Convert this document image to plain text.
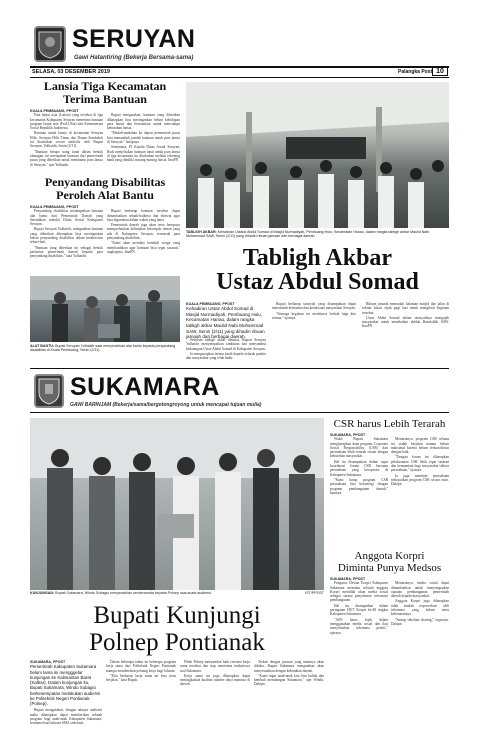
SERUYAN
Gawi Hatantiring (Bekerja Bersama-sama)
SELASA, 03 DESEMBER 2019	Palangka Post 10
Lansia Tiga Kecamatan
Terima Bantuan
KUALA PEMBUANG, PPOST

Para lanjut usia (Lansia) yang tersebar di tiga kecamatan Kabupaten Seruyan menerima bantuan program lanjut usia (ProLUSia) dari Kementerian Sosial Republik Indonesia.

Bantuan untuk lansia di kecamatan Seruyan Hilir, Seruyan Hilir Timur dan Danau Sembuluh ini disalurkan secara simbolis oleh Bupati Seruyan, Yulhaidir, Senin (2/11).

"Bantuan berupa uang tunai dalam bentuk tabungan, ini merupakan bantuan dari pemerintah pusat yang diberikan untuk membantu para lansia di Seruyan," ujar Yulhaidir.

Bupati mengatakan, bantuan yang diberikan diharapkan bisa meringankan beban kehidupan para lansia dan bermanfaat untuk mencukupi kebutuhan lansia.

"Mudah-mudahan ke depan pemerintah pusat bisa menambah jumlah bantuan untuk para lansia di Seruyan," harapnya.

Sementara, PJ Kepala Dinas Sosial Seruyan, Rudi menjelaskan bantuan tunai untuk para lansia di tiga kecamatan itu disalurkan melalui rekening bank yang dimiliki masing-masing lansia. ImaPN

Penyandang Disabilitas
Peroleh Alat Bantu
KUALA PEMBUANG, PPOST

Penyandang disabilitas mendapatkan bantuan alat bantu dari Pemerintah Daerah yang diserahkan melalui Dinas Sosial Kabupaten Seruyan.

Bupati Seruyan Yulhaidir, mengatakan bantuan yang diberikan diharapkan bisa meringankan beban penyandang disabilitas dalam beraktivitas sehari-hari.

"Bantuan yang diberikan ini sebagai bentuk perhatian pemerintah daerah kepada para penyandang disabilitas," kata Yulhaidir.

Bupati berharap bantuan tersebut dapat dimanfaatkan sebaik-baiknya dan dirawat agar bisa digunakan dalam waktu yang lama.

Pemerintah daerah juga akan terus berupaya memperhatikan kebutuhan kelompok rentan yang ada di Kabupaten Seruyan, termasuk para penyandang disabilitas.

"Kami akan mendata kembali warga yang membutuhkan agar bantuan bisa tepat sasaran," ungkapnya. ImaPN

ALAT BANTU: Bupati Seruyan Yulhaidir saat menyerahkan alat bantu kepada penyandang disabilitas di Kuala Pembuang, Senin (2/11).
TABLIGH AKBAR: Kehadiran Ustadz Abdul Somad di Masjid Nurmadiyah, Pembuang Hulu, Kecamatan Hanau, dalam rangka tabligh akbar Maulid Nabi Muhammad SAW, Senin (2/11) yang dihadiri ribuan jamaah dari berbagai daerah.
Tabligh Akbar
Ustaz Abdul Somad
KUALA PEMBUANG, PPOST
Kehadiran Ustaz Abdul Somad di Masjid Nurmadiyah, Pembuang Hulu, Kecamatan Hanau, dalam rangka tabligh akbar Maulid Nabi Muhammad SAW, Senin (2/11) yang dihadiri ribuan jamaah dari berbagai daerah.

Sebelum tabligh akbar dimulai, Bupati Seruyan Yulhaidir menyampaikan sambutan dan menyambut kedatangan Ustaz Abdul Somad di Kabupaten Seruyan.

Ia mengucapkan terima kasih kepada seluruh panitia dan masyarakat yang telah hadir.

Bupati berharap tausiyah yang disampaikan dapat menambah keimanan dan ketakwaan masyarakat Seruyan.

"Semoga kegiatan ini membawa berkah bagi kita semua," ujarnya.

Ribuan jamaah memadati halaman masjid dan jalan di sekitar lokasi sejak pagi hari untuk mengikuti kegiatan tersebut.

Ustaz Abdul Somad dalam tausiyahnya mengajak masyarakat untuk meneladani akhlak Rasulullah SAW. ImaPN

SUKAMARA
GAWI BARINJAM (Bekerja/sama/bergotongroyong untuk mencapai tujuan mulia)
KUNJUNGAN: Bupati Sukamara, Windu Subagio menyerahkan cenderamata kepada Polnep usai acara audiensi.	IST/PPOST
CSR harus Lebih Terarah
SUKAMARA, PPOST

Wakil Bupati Sukamara mengharapkan dana program Corporate Social Responsibility (CSR) dari perusahaan lebih terarah sesuai dengan kebutuhan masyarakat.

Hal itu disampaikan dalam rapat koordinasi forum CSR bersama perusahaan yang beroperasi di Kabupaten Sukamara.

"Kami harap program CSR perusahaan bisa bersinergi dengan program pembangunan daerah," katanya.

Menurutnya, program CSR selama ini sudah berjalan namun belum maksimal karena belum terkoordinasi dengan baik.

"Dengan forum ini diharapkan pelaksanaan CSR lebih tepat sasaran dan bermanfaat bagi masyarakat sekitar perusahaan," ujarnya.

Ia juga meminta perusahaan melaporkan program CSR secara rutin. Dakipn

Anggota Korpri
Diminta Punya Medsos
SUKAMARA, PPOST

Pengurus Dewan Korpri Kabupaten Sukamara meminta seluruh anggota Korpri memiliki akun media sosial sebagai sarana penyebaran informasi pembangunan.

Hal itu disampaikan dalam peringatan HUT Korpri ke-48 tingkat Kabupaten Sukamara.

"ASN harus bijak dalam menggunakan media sosial dan ikut menyebarkan informasi positif," ujarnya.

Menurutnya, media sosial dapat dimanfaatkan untuk menyampaikan capaian pembangunan pemerintah daerah kepada masyarakat.

Anggota Korpri juga diharapkan tidak mudah terprovokasi oleh informasi yang belum tentu kebenarannya.

"Saring sebelum sharing," tegasnya. Dakipn

Bupati Kunjungi
Polnep Pontianak
SUKAMARA, PPOST
Pemerintah Kabupaten Sukamara belum lama ini mengggelar kunjungan ke Kalimantan Barat (Kalbar). Dalam kunjungan itu, Bupati Sukamara, Windu Subagio berkesempatan melakukan audiensi ke Politeknik Negeri Pontianak (Polnep).

Bupati mengatakan, dengan adanya audiensi maka diharapkan dapat memberikan sebuah program bagi anak-anak Kabupaten Sukamara, terutama bagi lulusan SMA sederajat.

Dalam beberapa tahun ini beberapa program kerja sama dari Politeknik Negeri Pontianak mampu memberikan peluang kerja bagi lulusan.

"Kita berharap kerja sama ini bisa terus berjalan," kata Bupati.

Pihak Polnep menyambut baik rencana kerja sama tersebut dan siap menerima mahasiswa asal Sukamara.

Kerja sama ini juga diharapkan dapat meningkatkan kualitas sumber daya manusia di daerah.

Terkait dengan jurusan yang nantinya akan dibuka, Bupati Sukamara mengatakan akan menyesuaikan dengan kebutuhan daerah.

"Kami ingin anak-anak kita bisa kuliah dan kembali membangun Sukamara," ujar Windu. Dakipn
